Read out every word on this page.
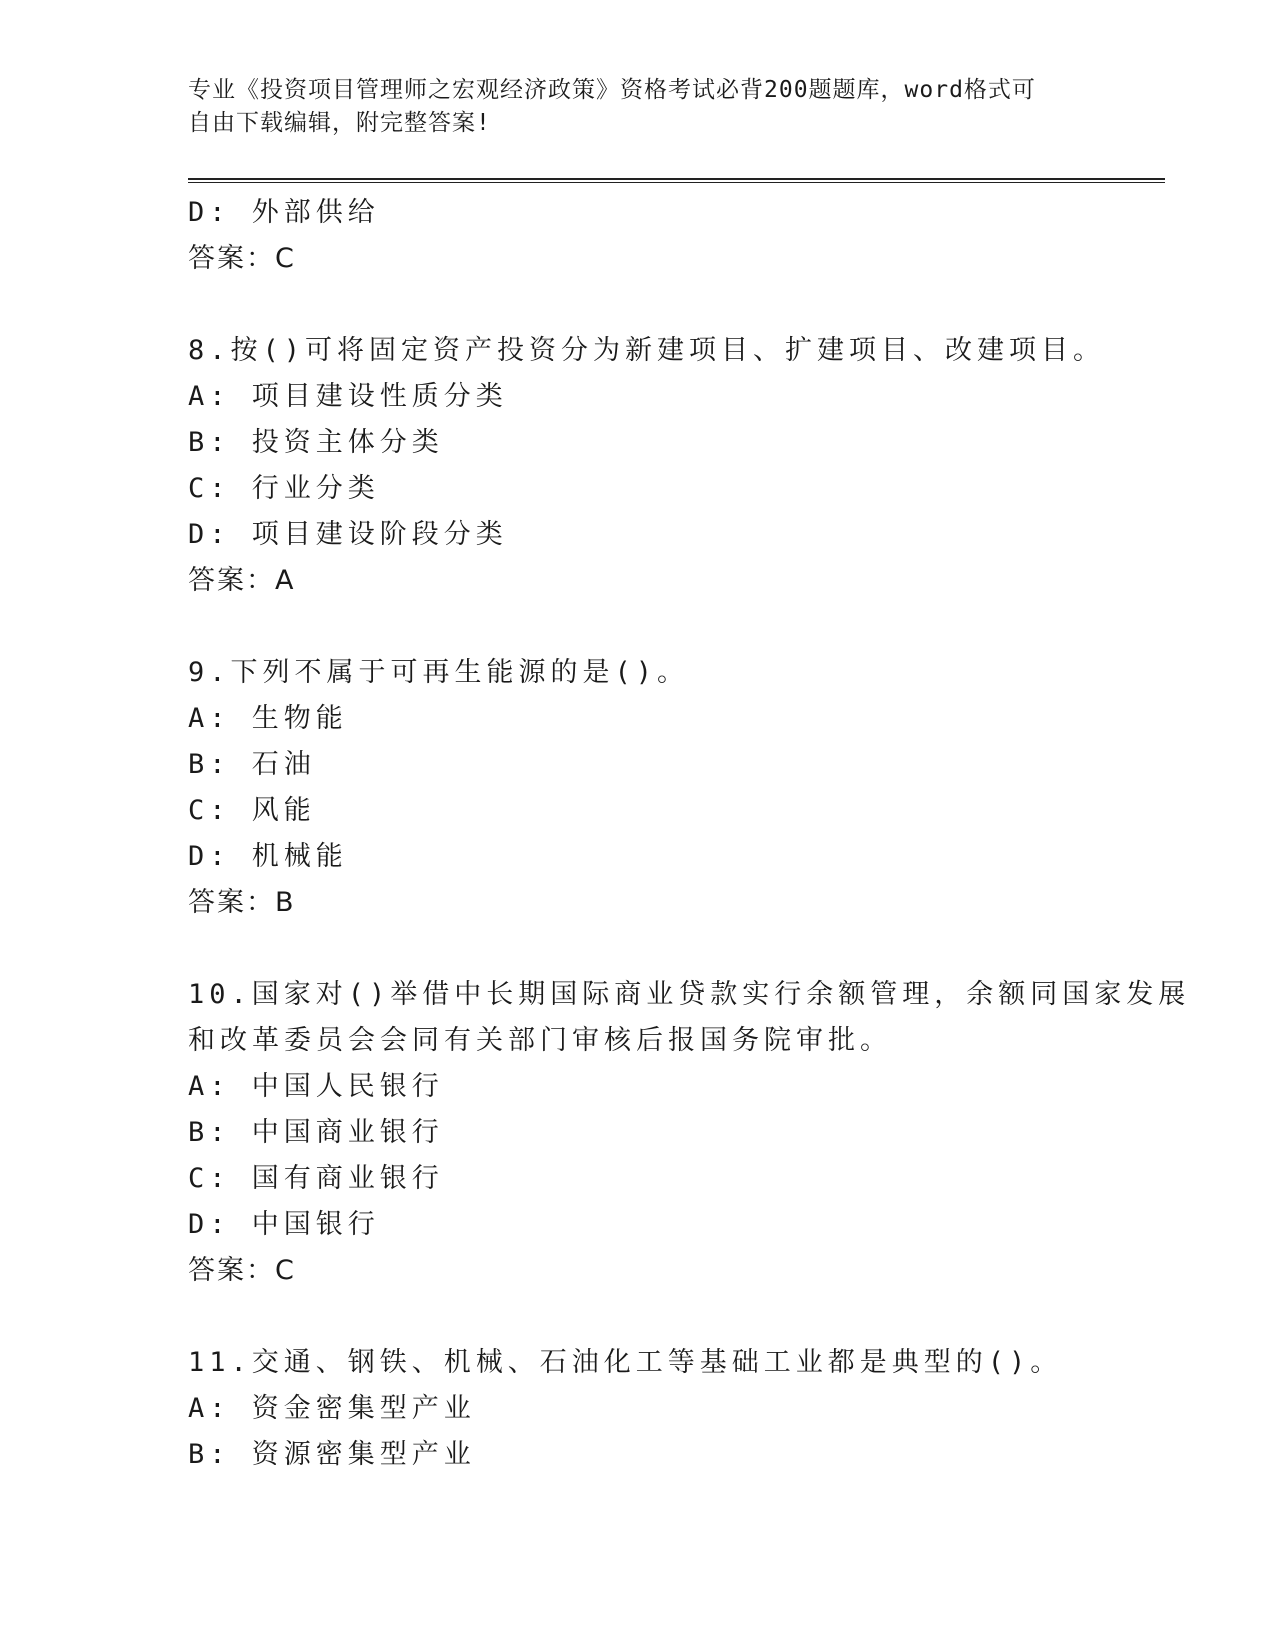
专业《投资项目管理师之宏观经济政策》资格考试必背200题题库，word格式可
自由下载编辑，附完整答案!
D: 外部供给
答案：C
8.按()可将固定资产投资分为新建项目、扩建项目、改建项目。
A: 项目建设性质分类
B: 投资主体分类
C: 行业分类
D: 项目建设阶段分类
答案：A
9.下列不属于可再生能源的是()。
A: 生物能
B: 石油
C: 风能
D: 机械能
答案：B
10.国家对()举借中长期国际商业贷款实行余额管理，余额同国家发展
和改革委员会会同有关部门审核后报国务院审批。
A: 中国人民银行
B: 中国商业银行
C: 国有商业银行
D: 中国银行
答案：C
11.交通、钢铁、机械、石油化工等基础工业都是典型的()。
A: 资金密集型产业
B: 资源密集型产业
